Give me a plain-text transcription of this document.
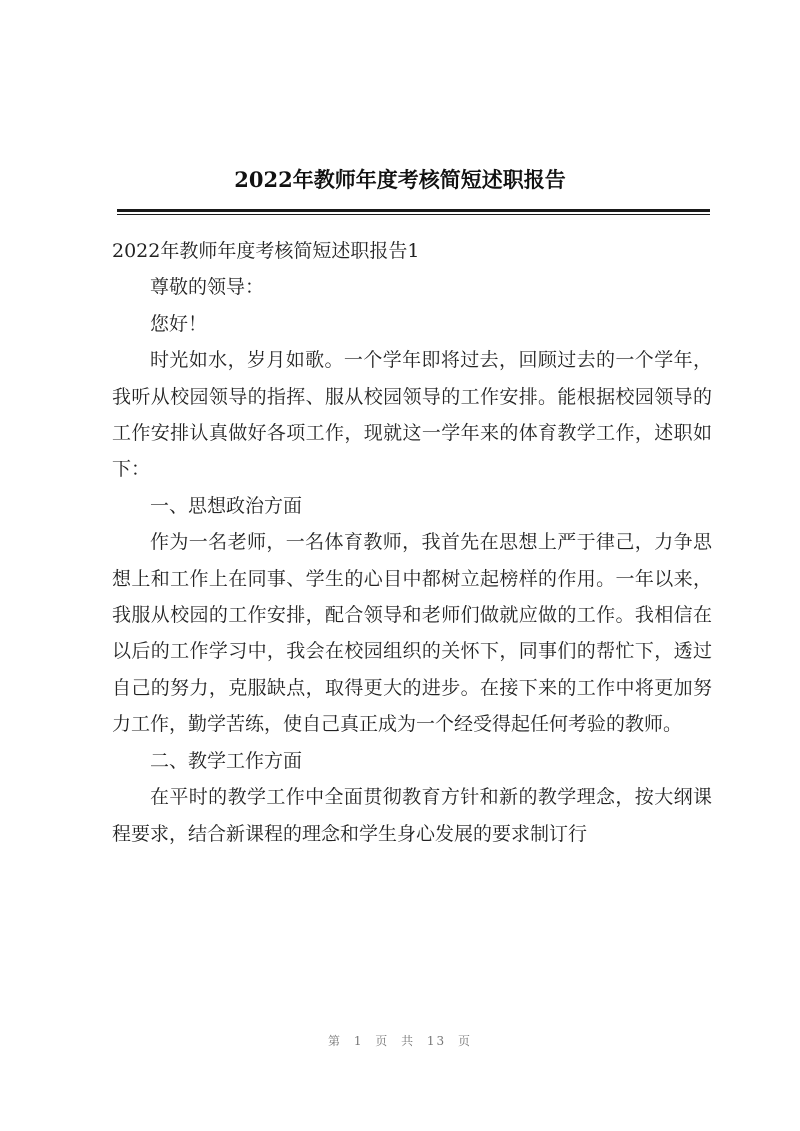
2022年教师年度考核简短述职报告

2022年教师年度考核简短述职报告1

尊敬的领导：

您好！

时光如水，岁月如歌。一个学年即将过去，回顾过去的一个学年，我听从校园领导的指挥、服从校园领导的工作安排。能根据校园领导的工作安排认真做好各项工作，现就这一学年来的体育教学工作，述职如下：

一、思想政治方面

作为一名老师，一名体育教师，我首先在思想上严于律己，力争思想上和工作上在同事、学生的心目中都树立起榜样的作用。一年以来，我服从校园的工作安排，配合领导和老师们做就应做的工作。我相信在以后的工作学习中，我会在校园组织的关怀下，同事们的帮忙下，透过自己的努力，克服缺点，取得更大的进步。在接下来的工作中将更加努力工作，勤学苦练，使自己真正成为一个经受得起任何考验的教师。

二、教学工作方面

在平时的教学工作中全面贯彻教育方针和新的教学理念，按大纲课程要求，结合新课程的理念和学生身心发展的要求制订行

第 1 页 共 13 页
